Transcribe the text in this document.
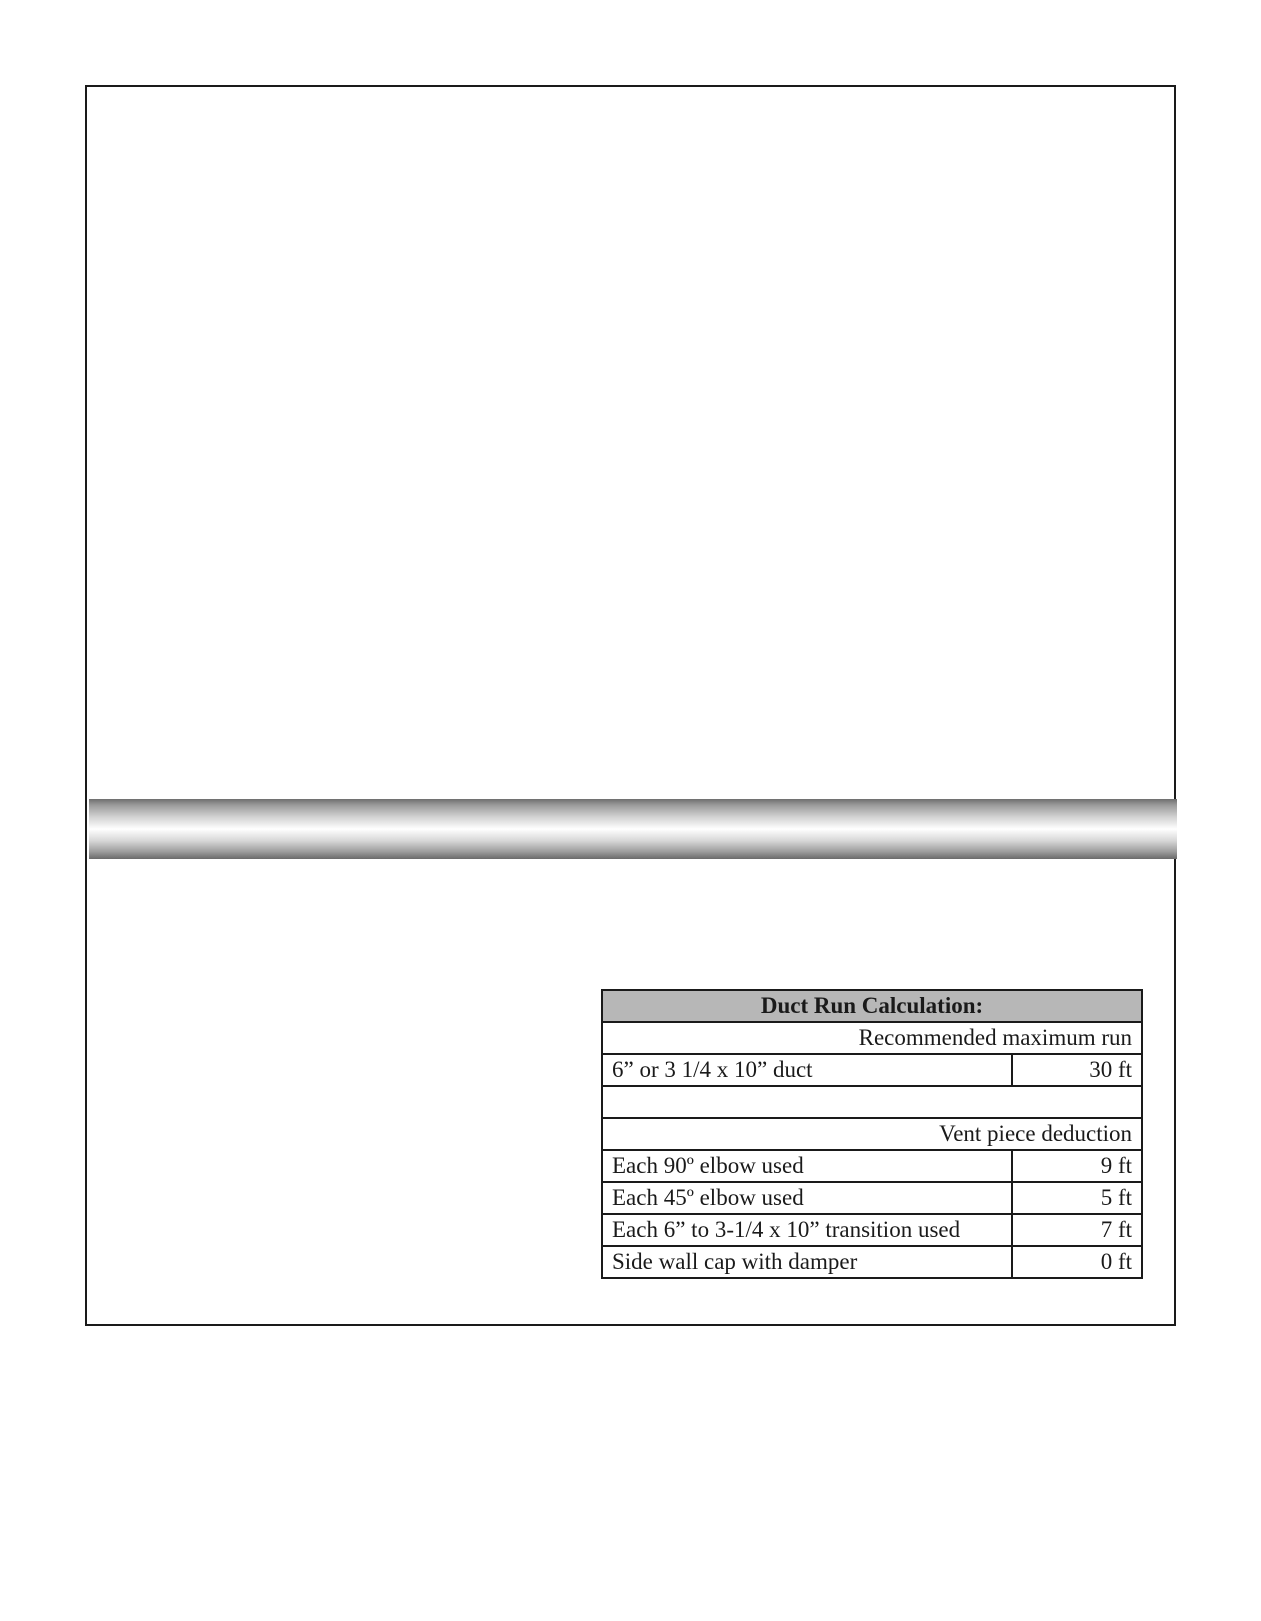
Duct Run Calculation:	
Recommended maximum run	
6” or 3 1/4 x 10” duct	30 ft

Vent piece deduction	
Each 90º elbow used	9 ft
Each 45º elbow used	5 ft
Each 6” to 3-1/4 x 10” transition used	7 ft
Side wall cap with damper	0 ft
